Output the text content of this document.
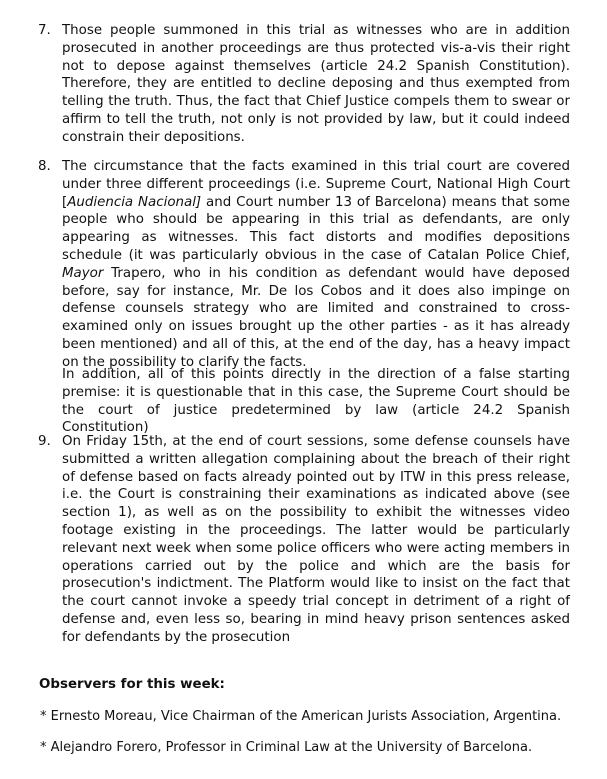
7. Those people summoned in this trial as witnesses who are in addition prosecuted in another proceedings are thus protected vis-a-vis their right not to depose against themselves (article 24.2 Spanish Constitution). Therefore, they are entitled to decline deposing and thus exempted from telling the truth. Thus, the fact that Chief Justice compels them to swear or affirm to tell the truth, not only is not provided by law, but it could indeed constrain their depositions.
8. The circumstance that the facts examined in this trial court are covered under three different proceedings (i.e. Supreme Court, National High Court [Audiencia Nacional] and Court number 13 of Barcelona) means that some people who should be appearing in this trial as defendants, are only appearing as witnesses. This fact distorts and modifies depositions schedule (it was particularly obvious in the case of Catalan Police Chief, Mayor Trapero, who in his condition as defendant would have deposed before, say for instance, Mr. De los Cobos and it does also impinge on defense counsels strategy who are limited and constrained to cross-examined only on issues brought up the other parties - as it has already been mentioned) and all of this, at the end of the day, has a heavy impact on the possibility to clarify the facts.
In addition, all of this points directly in the direction of a false starting premise: it is questionable that in this case, the Supreme Court should be the court of justice predetermined by law (article 24.2 Spanish Constitution)
9. On Friday 15th, at the end of court sessions, some defense counsels have submitted a written allegation complaining about the breach of their right of defense based on facts already pointed out by ITW in this press release, i.e. the Court is constraining their examinations as indicated above (see section 1), as well as on the possibility to exhibit the witnesses video footage existing in the proceedings. The latter would be particularly relevant next week when some police officers who were acting members in operations carried out by the police and which are the basis for prosecution's indictment. The Platform would like to insist on the fact that the court cannot invoke a speedy trial concept in detriment of a right of defense and, even less so, bearing in mind heavy prison sentences asked for defendants by the prosecution
Observers for this week:
* Ernesto Moreau, Vice Chairman of the American Jurists Association, Argentina.
* Alejandro Forero, Professor in Criminal Law at the University of Barcelona.
